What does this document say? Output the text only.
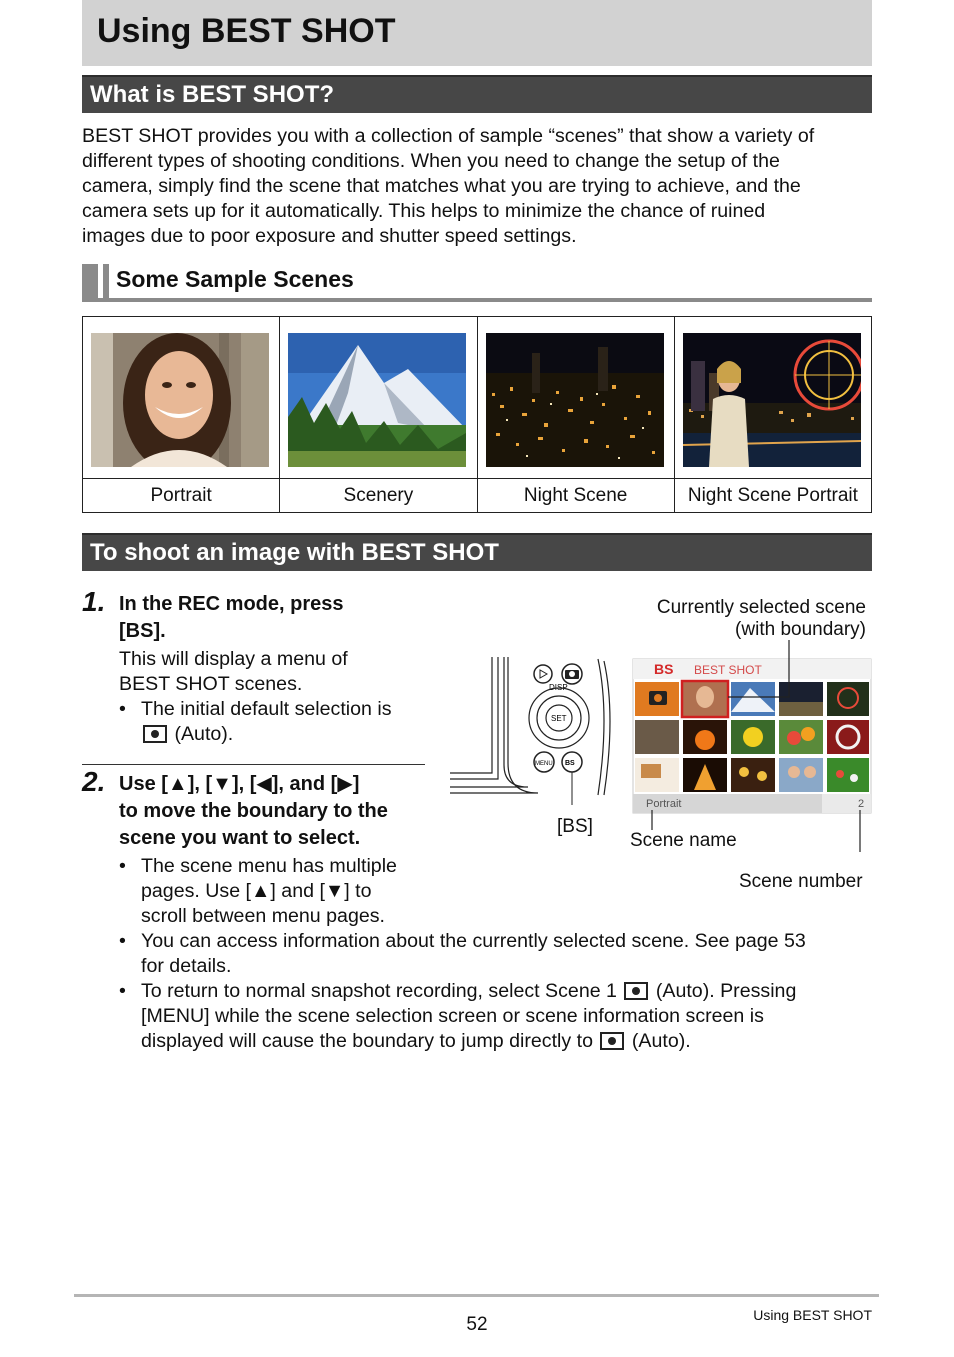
Using BEST SHOT
What is BEST SHOT?
BEST SHOT provides you with a collection of sample “scenes” that show a variety of
different types of shooting conditions. When you need to change the setup of the
camera, simply find the scene that matches what you are trying to achieve, and the
camera sets up for it automatically. This helps to minimize the chance of ruined
images due to poor exposure and shutter speed settings.
Some Sample Scenes
Portrait	Scenery	Night Scene	Night Scene Portrait
To shoot an image with BEST SHOT
1. In the REC mode, press
[BS].
This will display a menu of
BEST SHOT scenes.
• The initial default selection is
(Auto).
2. Use [▲], [▼], [◀], and [▶]
to move the boundary to the
scene you want to select.
• The scene menu has multiple
pages. Use [▲] and [▼] to
scroll between menu pages.
• You can access information about the currently selected scene. See page 53
for details.
• To return to normal snapshot recording, select Scene 1 (Auto). Pressing
[MENU] while the scene selection screen or scene information screen is
displayed will cause the boundary to jump directly to (Auto).
DISP
SET
MENU BS
[BS]
Currently selected scene
(with boundary)
BS BEST SHOT
Portrait	2
Scene name
Scene number
52	Using BEST SHOT
